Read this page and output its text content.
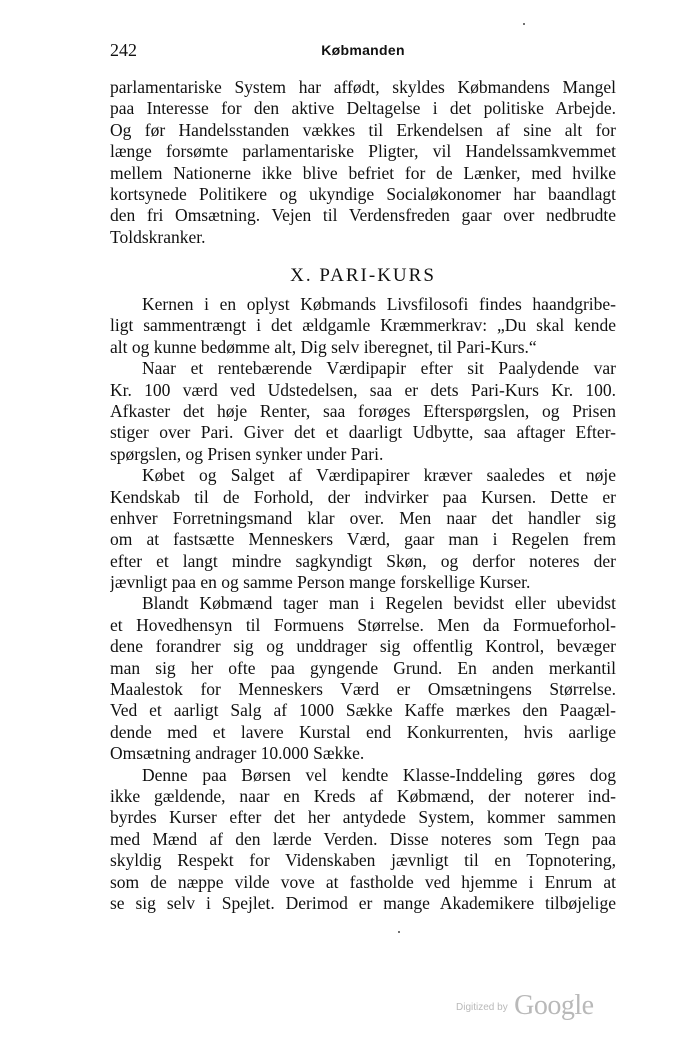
242	Købmanden
parlamentariske System har affødt, skyldes Købmandens Mangel
paa Interesse for den aktive Deltagelse i det politiske Arbejde.
Og før Handelsstanden vækkes til Erkendelsen af sine alt for
længe forsømte parlamentariske Pligter, vil Handelssamkvemmet
mellem Nationerne ikke blive befriet for de Lænker, med hvilke
kortsynede Politikere og ukyndige Socialøkonomer har baandlagt
den fri Omsætning. Vejen til Verdensfreden gaar over nedbrudte
Toldskranker.
X. PARI-KURS
Kernen i en oplyst Købmands Livsfilosofi findes haandgribe-
ligt sammentrængt i det ældgamle Kræmmerkrav: „Du skal kende
alt og kunne bedømme alt, Dig selv iberegnet, til Pari-Kurs.“
Naar et rentebærende Værdipapir efter sit Paalydende var
Kr. 100 værd ved Udstedelsen, saa er dets Pari-Kurs Kr. 100.
Afkaster det høje Renter, saa forøges Efterspørgslen, og Prisen
stiger over Pari. Giver det et daarligt Udbytte, saa aftager Efter-
spørgslen, og Prisen synker under Pari.
Købet og Salget af Værdipapirer kræver saaledes et nøje
Kendskab til de Forhold, der indvirker paa Kursen. Dette er
enhver Forretningsmand klar over. Men naar det handler sig
om at fastsætte Menneskers Værd, gaar man i Regelen frem
efter et langt mindre sagkyndigt Skøn, og derfor noteres der
jævnligt paa en og samme Person mange forskellige Kurser.
Blandt Købmænd tager man i Regelen bevidst eller ubevidst
et Hovedhensyn til Formuens Størrelse. Men da Formueforhol-
dene forandrer sig og unddrager sig offentlig Kontrol, bevæger
man sig her ofte paa gyngende Grund. En anden merkantil
Maalestok for Menneskers Værd er Omsætningens Størrelse.
Ved et aarligt Salg af 1000 Sække Kaffe mærkes den Paagæl-
dende med et lavere Kurstal end Konkurrenten, hvis aarlige
Omsætning andrager 10.000 Sække.
Denne paa Børsen vel kendte Klasse-Inddeling gøres dog
ikke gældende, naar en Kreds af Købmænd, der noterer ind-
byrdes Kurser efter det her antydede System, kommer sammen
med Mænd af den lærde Verden. Disse noteres som Tegn paa
skyldig Respekt for Videnskaben jævnligt til en Topnotering,
som de næppe vilde vove at fastholde ved hjemme i Enrum at
se sig selv i Spejlet. Derimod er mange Akademikere tilbøjelige
$^{Digitized by}$ Google
